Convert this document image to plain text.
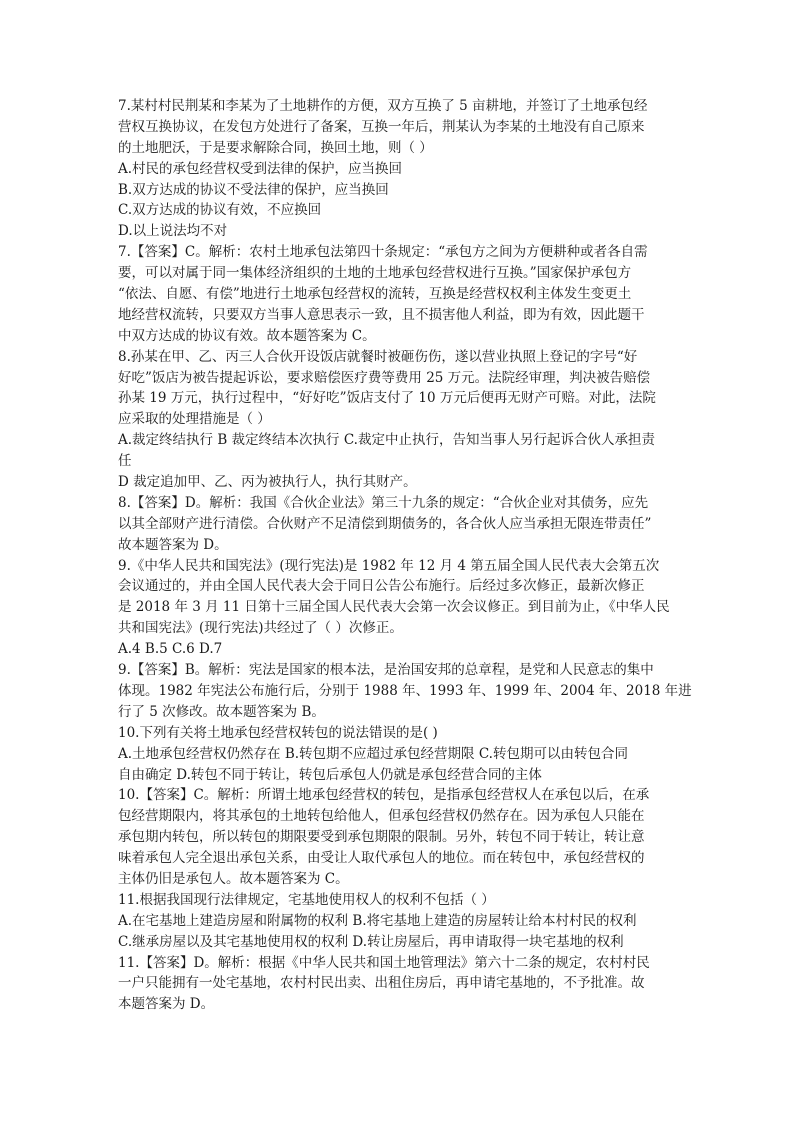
7.某村村民荆某和李某为了土地耕作的方便，双方互换了 5 亩耕地，并签订了土地承包经
营权互换协议，在发包方处进行了备案，互换一年后，荆某认为李某的土地没有自己原来
的土地肥沃，于是要求解除合同，换回土地，则（ ）
A.村民的承包经营权受到法律的保护，应当换回
B.双方达成的协议不受法律的保护，应当换回
C.双方达成的协议有效，不应换回
D.以上说法均不对
7.【答案】C。解析：农村土地承包法第四十条规定：“承包方之间为方便耕种或者各自需
要，可以对属于同一集体经济组织的土地的土地承包经营权进行互换。”国家保护承包方
“依法、自愿、有偿”地进行土地承包经营权的流转，互换是经营权权利主体发生变更土
地经营权流转，只要双方当事人意思表示一致，且不损害他人利益，即为有效，因此题干
中双方达成的协议有效。故本题答案为 C。
8.孙某在甲、乙、丙三人合伙开设饭店就餐时被砸伤伤，遂以营业执照上登记的字号“好
好吃”饭店为被告提起诉讼，要求赔偿医疗费等费用 25 万元。法院经审理，判决被告赔偿
孙某 19 万元，执行过程中，“好好吃”饭店支付了 10 万元后便再无财产可赔。对此，法院
应采取的处理措施是（ ）
A.裁定终结执行 B 裁定终结本次执行 C.裁定中止执行，告知当事人另行起诉合伙人承担责
任
D 裁定追加甲、乙、丙为被执行人，执行其财产。
8.【答案】D。解析：我国《合伙企业法》第三十九条的规定：“合伙企业对其债务，应先
以其全部财产进行清偿。合伙财产不足清偿到期债务的，各合伙人应当承担无限连带责任”
故本题答案为 D。
9.《中华人民共和国宪法》(现行宪法)是 1982 年 12 月 4 第五届全国人民代表大会第五次
会议通过的，并由全国人民代表大会于同日公告公布施行。后经过多次修正，最新次修正
是 2018 年 3 月 11 日第十三届全国人民代表大会第一次会议修正。到目前为止，《中华人民
共和国宪法》(现行宪法)共经过了（ ）次修正。
A.4 B.5 C.6 D.7
9.【答案】B。解析：宪法是国家的根本法，是治国安邦的总章程，是党和人民意志的集中
体现。1982 年宪法公布施行后，分别于 1988 年、1993 年、1999 年、2004 年、2018 年进
行了 5 次修改。故本题答案为 B。
10.下列有关将土地承包经营权转包的说法错误的是( )
A.土地承包经营权仍然存在 B.转包期不应超过承包经营期限 C.转包期可以由转包合同
自由确定 D.转包不同于转让，转包后承包人仍就是承包经营合同的主体
10.【答案】C。解析：所谓土地承包经营权的转包，是指承包经营权人在承包以后，在承
包经营期限内，将其承包的土地转包给他人，但承包经营权仍然存在。因为承包人只能在
承包期内转包，所以转包的期限要受到承包期限的限制。另外，转包不同于转让，转让意
味着承包人完全退出承包关系，由受让人取代承包人的地位。而在转包中，承包经营权的
主体仍旧是承包人。故本题答案为 C。
11.根据我国现行法律规定，宅基地使用权人的权利不包括（ ）
A.在宅基地上建造房屋和附属物的权利 B.将宅基地上建造的房屋转让给本村村民的权利
C.继承房屋以及其宅基地使用权的权利 D.转让房屋后，再申请取得一块宅基地的权利
11.【答案】D。解析：根据《中华人民共和国土地管理法》第六十二条的规定，农村村民
一户只能拥有一处宅基地，农村村民出卖、出租住房后，再申请宅基地的，不予批准。故
本题答案为 D。
